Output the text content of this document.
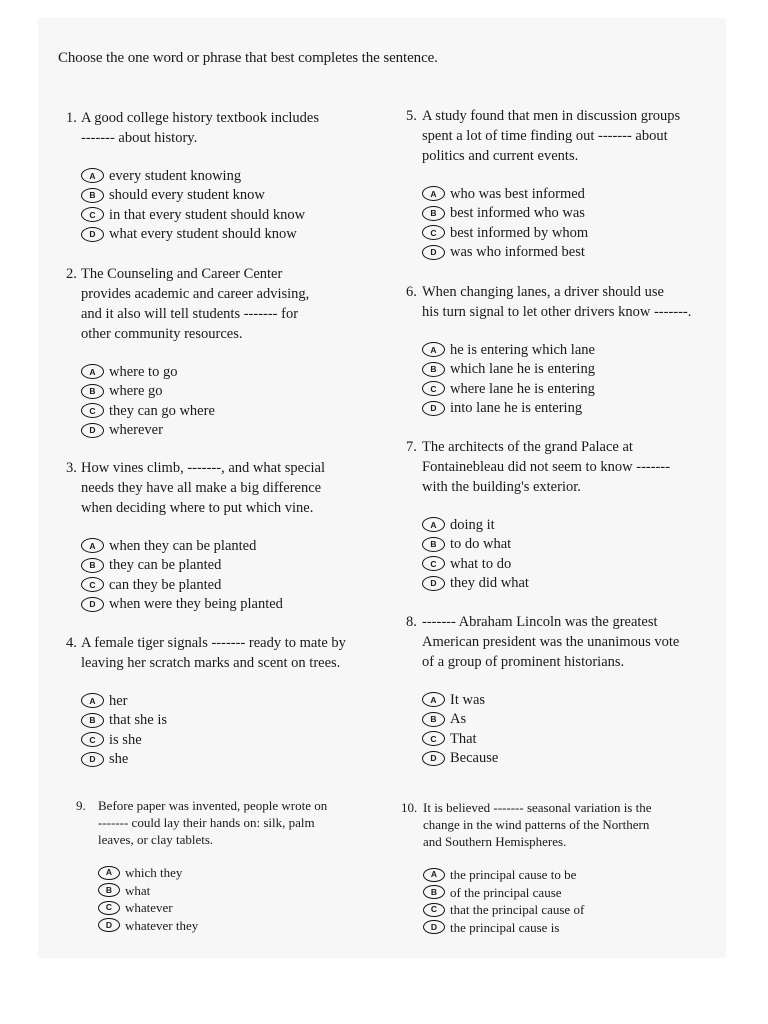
Choose the one word or phrase that best completes the sentence.
1. A good college history textbook includes
------- about history.
A every student knowing
B should every student know
C in that every student should know
D what every student should know
2. The Counseling and Career Center
provides academic and career advising,
and it also will tell students ------- for
other community resources.
A where to go
B where go
C they can go where
D wherever
3. How vines climb, -------, and what special
needs they have all make a big difference
when deciding where to put which vine.
A when they can be planted
B they can be planted
C can they be planted
D when were they being planted
4. A female tiger signals ------- ready to mate by
leaving her scratch marks and scent on trees.
A her
B that she is
C is she
D she
5. A study found that men in discussion groups
spent a lot of time finding out ------- about
politics and current events.
A who was best informed
B best informed who was
C best informed by whom
D was who informed best
6. When changing lanes, a driver should use
his turn signal to let other drivers know -------.
A he is entering which lane
B which lane he is entering
C where lane he is entering
D into lane he is entering
7. The architects of the grand Palace at
Fontainebleau did not seem to know -------
with the building's exterior.
A doing it
B to do what
C what to do
D they did what
8. ------- Abraham Lincoln was the greatest
American president was the unanimous vote
of a group of prominent historians.
A It was
B As
C That
D Because
9. Before paper was invented, people wrote on
------- could lay their hands on: silk, palm
leaves, or clay tablets.
A which they
B what
C whatever
D whatever they
10. It is believed ------- seasonal variation is the
change in the wind patterns of the Northern
and Southern Hemispheres.
A the principal cause to be
B of the principal cause
C that the principal cause of
D the principal cause is
